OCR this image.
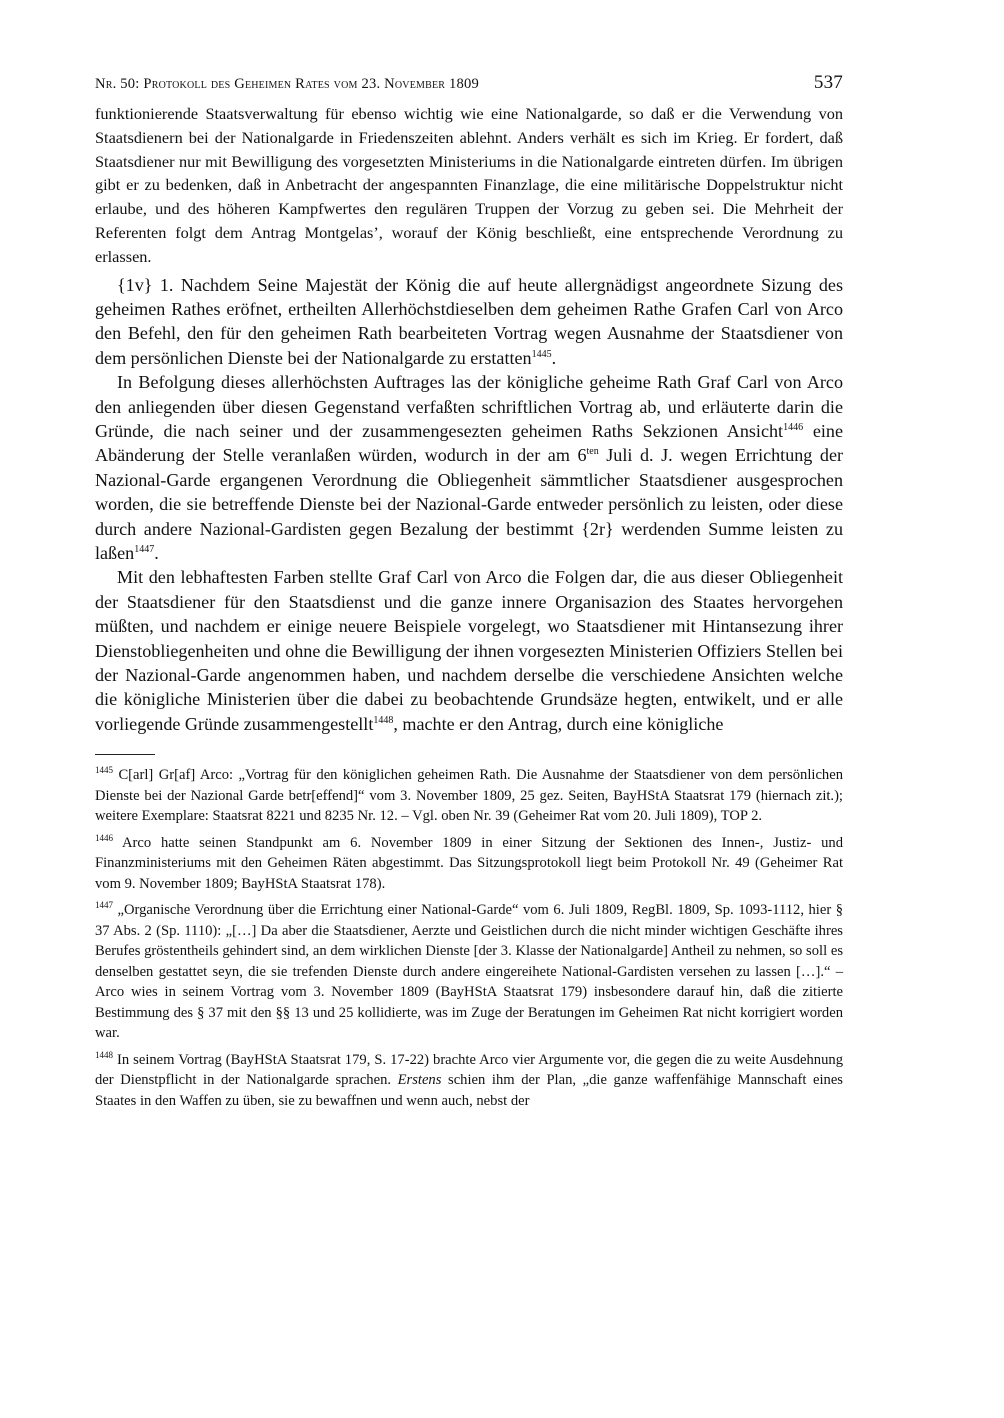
Nr. 50: Protokoll des Geheimen Rates vom 23. November 1809	537

funktionierende Staatsverwaltung für ebenso wichtig wie eine Nationalgarde, so daß er die Verwendung von Staatsdienern bei der Nationalgarde in Friedenszeiten ablehnt. Anders verhält es sich im Krieg. Er fordert, daß Staatsdiener nur mit Bewilligung des vorgesetzten Ministeriums in die Nationalgarde eintreten dürfen. Im übrigen gibt er zu bedenken, daß in Anbetracht der angespannten Finanzlage, die eine militärische Doppelstruktur nicht erlaube, und des höheren Kampfwertes den regulären Truppen der Vorzug zu geben sei. Die Mehrheit der Referenten folgt dem Antrag Montgelas’, worauf der König beschließt, eine entsprechende Verordnung zu erlassen.

{1v} 1. Nachdem Seine Majestät der König die auf heute allergnädigst angeordnete Sizung des geheimen Rathes eröfnet, ertheilten Allerhöchstdieselben dem geheimen Rathe Grafen Carl von Arco den Befehl, den für den geheimen Rath bearbeiteten Vortrag wegen Ausnahme der Staatsdiener von dem persönlichen Dienste bei der Nationalgarde zu erstatten$^{1445}$.

In Befolgung dieses allerhöchsten Auftrages las der königliche geheime Rath Graf Carl von Arco den anliegenden über diesen Gegenstand verfaßten schriftlichen Vortrag ab, und erläuterte darin die Gründe, die nach seiner und der zusammengesezten geheimen Raths Sekzionen Ansicht$^{1446}$ eine Abänderung der Stelle veranlaßen würden, wodurch in der am $6^{ten}$ Juli d. J. wegen Errichtung der Nazional-Garde ergangenen Verordnung die Obliegenheit sämmtlicher Staatsdiener ausgesprochen worden, die sie betreffende Dienste bei der Nazional-Garde entweder persönlich zu leisten, oder diese durch andere Nazional-Gardisten gegen Bezalung der bestimmt {2r} werdenden Summe leisten zu laßen$^{1447}$.

Mit den lebhaftesten Farben stellte Graf Carl von Arco die Folgen dar, die aus dieser Obliegenheit der Staatsdiener für den Staatsdienst und die ganze innere Organisazion des Staates hervorgehen müßten, und nachdem er einige neuere Beispiele vorgelegt, wo Staatsdiener mit Hintansezung ihrer Dienstobliegenheiten und ohne die Bewilligung der ihnen vorgesezten Ministerien Offiziers Stellen bei der Nazional-Garde angenommen haben, und nachdem derselbe die verschiedene Ansichten welche die königliche Ministerien über die dabei zu beobachtende Grundsäze hegten, entwikelt, und er alle vorliegende Gründe zusammengestellt$^{1448}$, machte er den Antrag, durch eine königliche

$^{1445}$ C[arl] Gr[af] Arco: „Vortrag für den königlichen geheimen Rath. Die Ausnahme der Staatsdiener von dem persönlichen Dienste bei der Nazional Garde betr[effend]“ vom 3. November 1809, 25 gez. Seiten, BayHStA Staatsrat 179 (hiernach zit.); weitere Exemplare: Staatsrat 8221 und 8235 Nr. 12. – Vgl. oben Nr. 39 (Geheimer Rat vom 20. Juli 1809), TOP 2.

$^{1446}$ Arco hatte seinen Standpunkt am 6. November 1809 in einer Sitzung der Sektionen des Innen-, Justiz- und Finanzministeriums mit den Geheimen Räten abgestimmt. Das Sitzungsprotokoll liegt beim Protokoll Nr. 49 (Geheimer Rat vom 9. November 1809; BayHStA Staatsrat 178).

$^{1447}$ „Organische Verordnung über die Errichtung einer National-Garde“ vom 6. Juli 1809, RegBl. 1809, Sp. 1093-1112, hier § 37 Abs. 2 (Sp. 1110): „[…] Da aber die Staatsdiener, Aerzte und Geistlichen durch die nicht minder wichtigen Geschäfte ihres Berufes gröstentheils gehindert sind, an dem wirklichen Dienste [der 3. Klasse der Nationalgarde] Antheil zu nehmen, so soll es denselben gestattet seyn, die sie trefenden Dienste durch andere eingereihete National-Gardisten versehen zu lassen […].“ – Arco wies in seinem Vortrag vom 3. November 1809 (BayHStA Staatsrat 179) insbesondere darauf hin, daß die zitierte Bestimmung des § 37 mit den §§ 13 und 25 kollidierte, was im Zuge der Beratungen im Geheimen Rat nicht korrigiert worden war.

$^{1448}$ In seinem Vortrag (BayHStA Staatsrat 179, S. 17-22) brachte Arco vier Argumente vor, die gegen die zu weite Ausdehnung der Dienstpflicht in der Nationalgarde sprachen. Erstens schien ihm der Plan, „die ganze waffenfähige Mannschaft eines Staates in den Waffen zu üben, sie zu bewaffnen und wenn auch, nebst der
